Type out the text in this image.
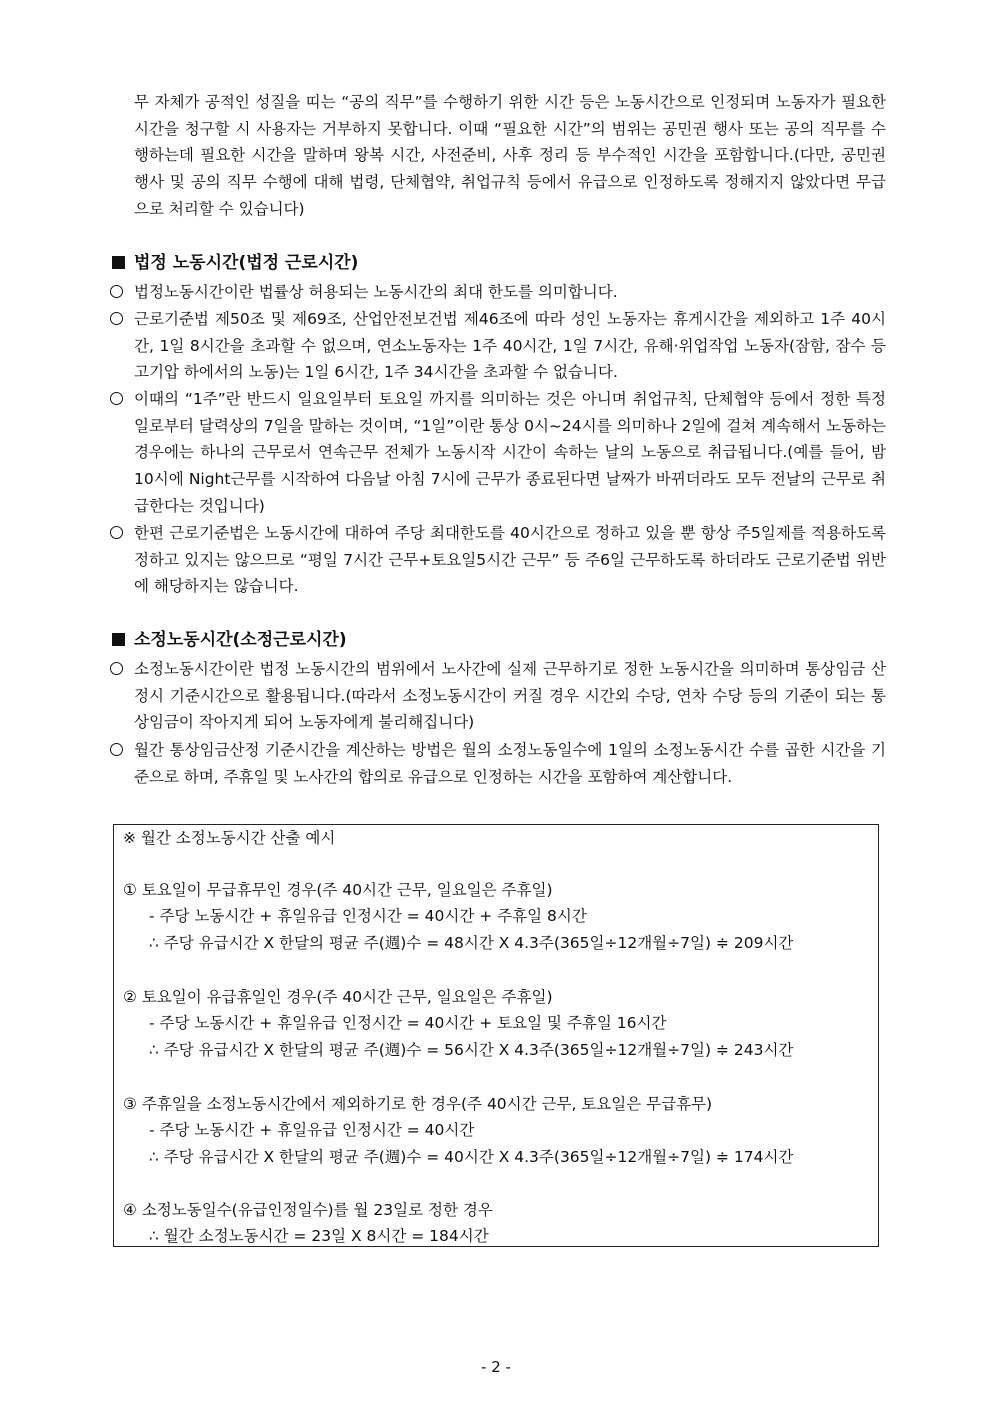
무 자체가 공적인 성질을 띠는 “공의 직무”를 수행하기 위한 시간 등은 노동시간으로 인정되며 노동자가 필요한 시간을 청구할 시 사용자는 거부하지 못합니다. 이때 “필요한 시간”의 범위는 공민권 행사 또는 공의 직무를 수행하는데 필요한 시간을 말하며 왕복 시간, 사전준비, 사후 정리 등 부수적인 시간을 포함합니다.(다만, 공민권 행사 및 공의 직무 수행에 대해 법령, 단체협약, 취업규칙 등에서 유급으로 인정하도록 정해지지 않았다면 무급으로 처리할 수 있습니다)

법정 노동시간(법정 근로시간)

법정노동시간이란 법률상 허용되는 노동시간의 최대 한도를 의미합니다.

근로기준법 제50조 및 제69조, 산업안전보건법 제46조에 따라 성인 노동자는 휴게시간을 제외하고 1주 40시간, 1일 8시간을 초과할 수 없으며, 연소노동자는 1주 40시간, 1일 7시간, 유해·위업작업 노동자(잠함, 잠수 등 고기압 하에서의 노동)는 1일 6시간, 1주 34시간을 초과할 수 없습니다.

이때의 “1주”란 반드시 일요일부터 토요일 까지를 의미하는 것은 아니며 취업규칙, 단체협약 등에서 정한 특정일로부터 달력상의 7일을 말하는 것이며, “1일”이란 통상 0시~24시를 의미하나 2일에 걸쳐 계속해서 노동하는 경우에는 하나의 근무로서 연속근무 전체가 노동시작 시간이 속하는 날의 노동으로 취급됩니다.(예를 들어, 밤10시에 Night근무를 시작하여 다음날 아침 7시에 근무가 종료된다면 날짜가 바뀌더라도 모두 전날의 근무로 취급한다는 것입니다)

한편 근로기준법은 노동시간에 대하여 주당 최대한도를 40시간으로 정하고 있을 뿐 항상 주5일제를 적용하도록 정하고 있지는 않으므로 “평일 7시간 근무+토요일5시간 근무” 등 주6일 근무하도록 하더라도 근로기준법 위반에 해당하지는 않습니다.

소정노동시간(소정근로시간)

소정노동시간이란 법정 노동시간의 범위에서 노사간에 실제 근무하기로 정한 노동시간을 의미하며 통상임금 산정시 기준시간으로 활용됩니다.(따라서 소정노동시간이 커질 경우 시간외 수당, 연차 수당 등의 기준이 되는 통상임금이 작아지게 되어 노동자에게 불리해집니다)

월간 통상임금산정 기준시간을 계산하는 방법은 월의 소정노동일수에 1일의 소정노동시간 수를 곱한 시간을 기준으로 하며, 주휴일 및 노사간의 합의로 유급으로 인정하는 시간을 포함하여 계산합니다.

※ 월간 소정노동시간 산출 예시

① 토요일이 무급휴무인 경우(주 40시간 근무, 일요일은 주휴일)

- 주당 노동시간 + 휴일유급 인정시간 = 40시간 + 주휴일 8시간

∴ 주당 유급시간 X 한달의 평균 주(週)수 = 48시간 X 4.3주(365일÷12개월÷7일) ≑ 209시간

② 토요일이 유급휴일인 경우(주 40시간 근무, 일요일은 주휴일)

- 주당 노동시간 + 휴일유급 인정시간 = 40시간 + 토요일 및 주휴일 16시간

∴ 주당 유급시간 X 한달의 평균 주(週)수 = 56시간 X 4.3주(365일÷12개월÷7일) ≑ 243시간

③ 주휴일을 소정노동시간에서 제외하기로 한 경우(주 40시간 근무, 토요일은 무급휴무)

- 주당 노동시간 + 휴일유급 인정시간 = 40시간

∴ 주당 유급시간 X 한달의 평균 주(週)수 = 40시간 X 4.3주(365일÷12개월÷7일) ≑ 174시간

④ 소정노동일수(유급인정일수)를 월 23일로 정한 경우

∴ 월간 소정노동시간 = 23일 X 8시간 = 184시간

- 2 -
